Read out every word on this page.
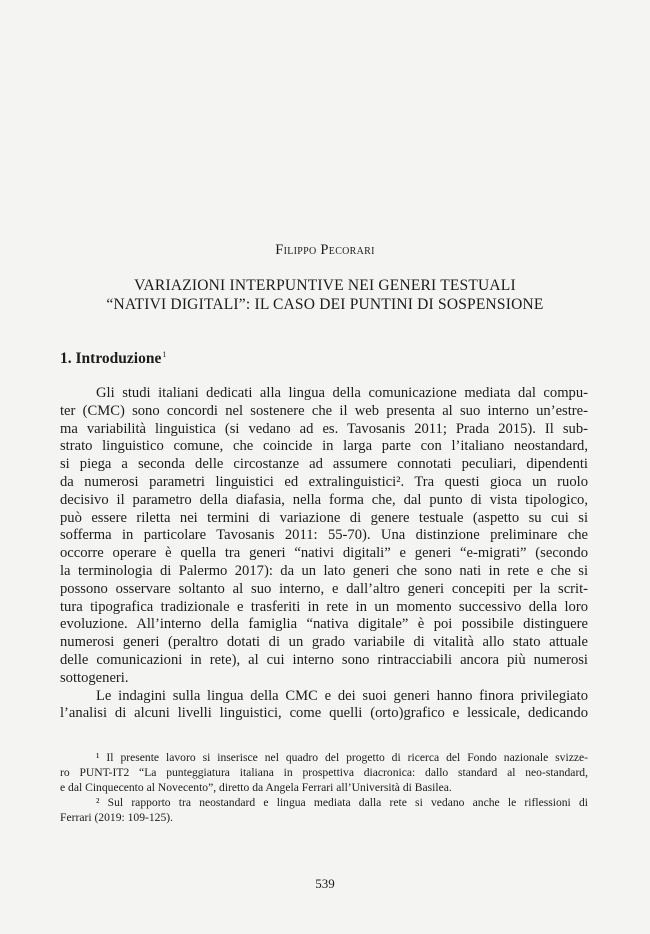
Filippo Pecorari
VARIAZIONI INTERPUNTIVE NEI GENERI TESTUALI
“NATIVI DIGITALI”: IL CASO DEI PUNTINI DI SOSPENSIONE
1. Introduzione$^1$
Gli studi italiani dedicati alla lingua della comunicazione mediata dal compu-
ter (CMC) sono concordi nel sostenere che il web presenta al suo interno un’estre-
ma variabilità linguistica (si vedano ad es. Tavosanis 2011; Prada 2015). Il sub-
strato linguistico comune, che coincide in larga parte con l’italiano neostandard,
si piega a seconda delle circostanze ad assumere connotati peculiari, dipendenti
da numerosi parametri linguistici ed extralinguistici². Tra questi gioca un ruolo
decisivo il parametro della diafasia, nella forma che, dal punto di vista tipologico,
può essere riletta nei termini di variazione di genere testuale (aspetto su cui si
sofferma in particolare Tavosanis 2011: 55-70). Una distinzione preliminare che
occorre operare è quella tra generi “nativi digitali” e generi “e-migrati” (secondo
la terminologia di Palermo 2017): da un lato generi che sono nati in rete e che si
possono osservare soltanto al suo interno, e dall’altro generi concepiti per la scrit-
tura tipografica tradizionale e trasferiti in rete in un momento successivo della loro
evoluzione. All’interno della famiglia “nativa digitale” è poi possibile distinguere
numerosi generi (peraltro dotati di un grado variabile di vitalità allo stato attuale
delle comunicazioni in rete), al cui interno sono rintracciabili ancora più numerosi
sottogeneri.
Le indagini sulla lingua della CMC e dei suoi generi hanno finora privilegiato
l’analisi di alcuni livelli linguistici, come quelli (orto)grafico e lessicale, dedicando
¹ Il presente lavoro si inserisce nel quadro del progetto di ricerca del Fondo nazionale svizze-
ro PUNT-IT2 “La punteggiatura italiana in prospettiva diacronica: dallo standard al neo-standard,
e dal Cinquecento al Novecento”, diretto da Angela Ferrari all’Università di Basilea.
² Sul rapporto tra neostandard e lingua mediata dalla rete si vedano anche le riflessioni di
Ferrari (2019: 109-125).
539
